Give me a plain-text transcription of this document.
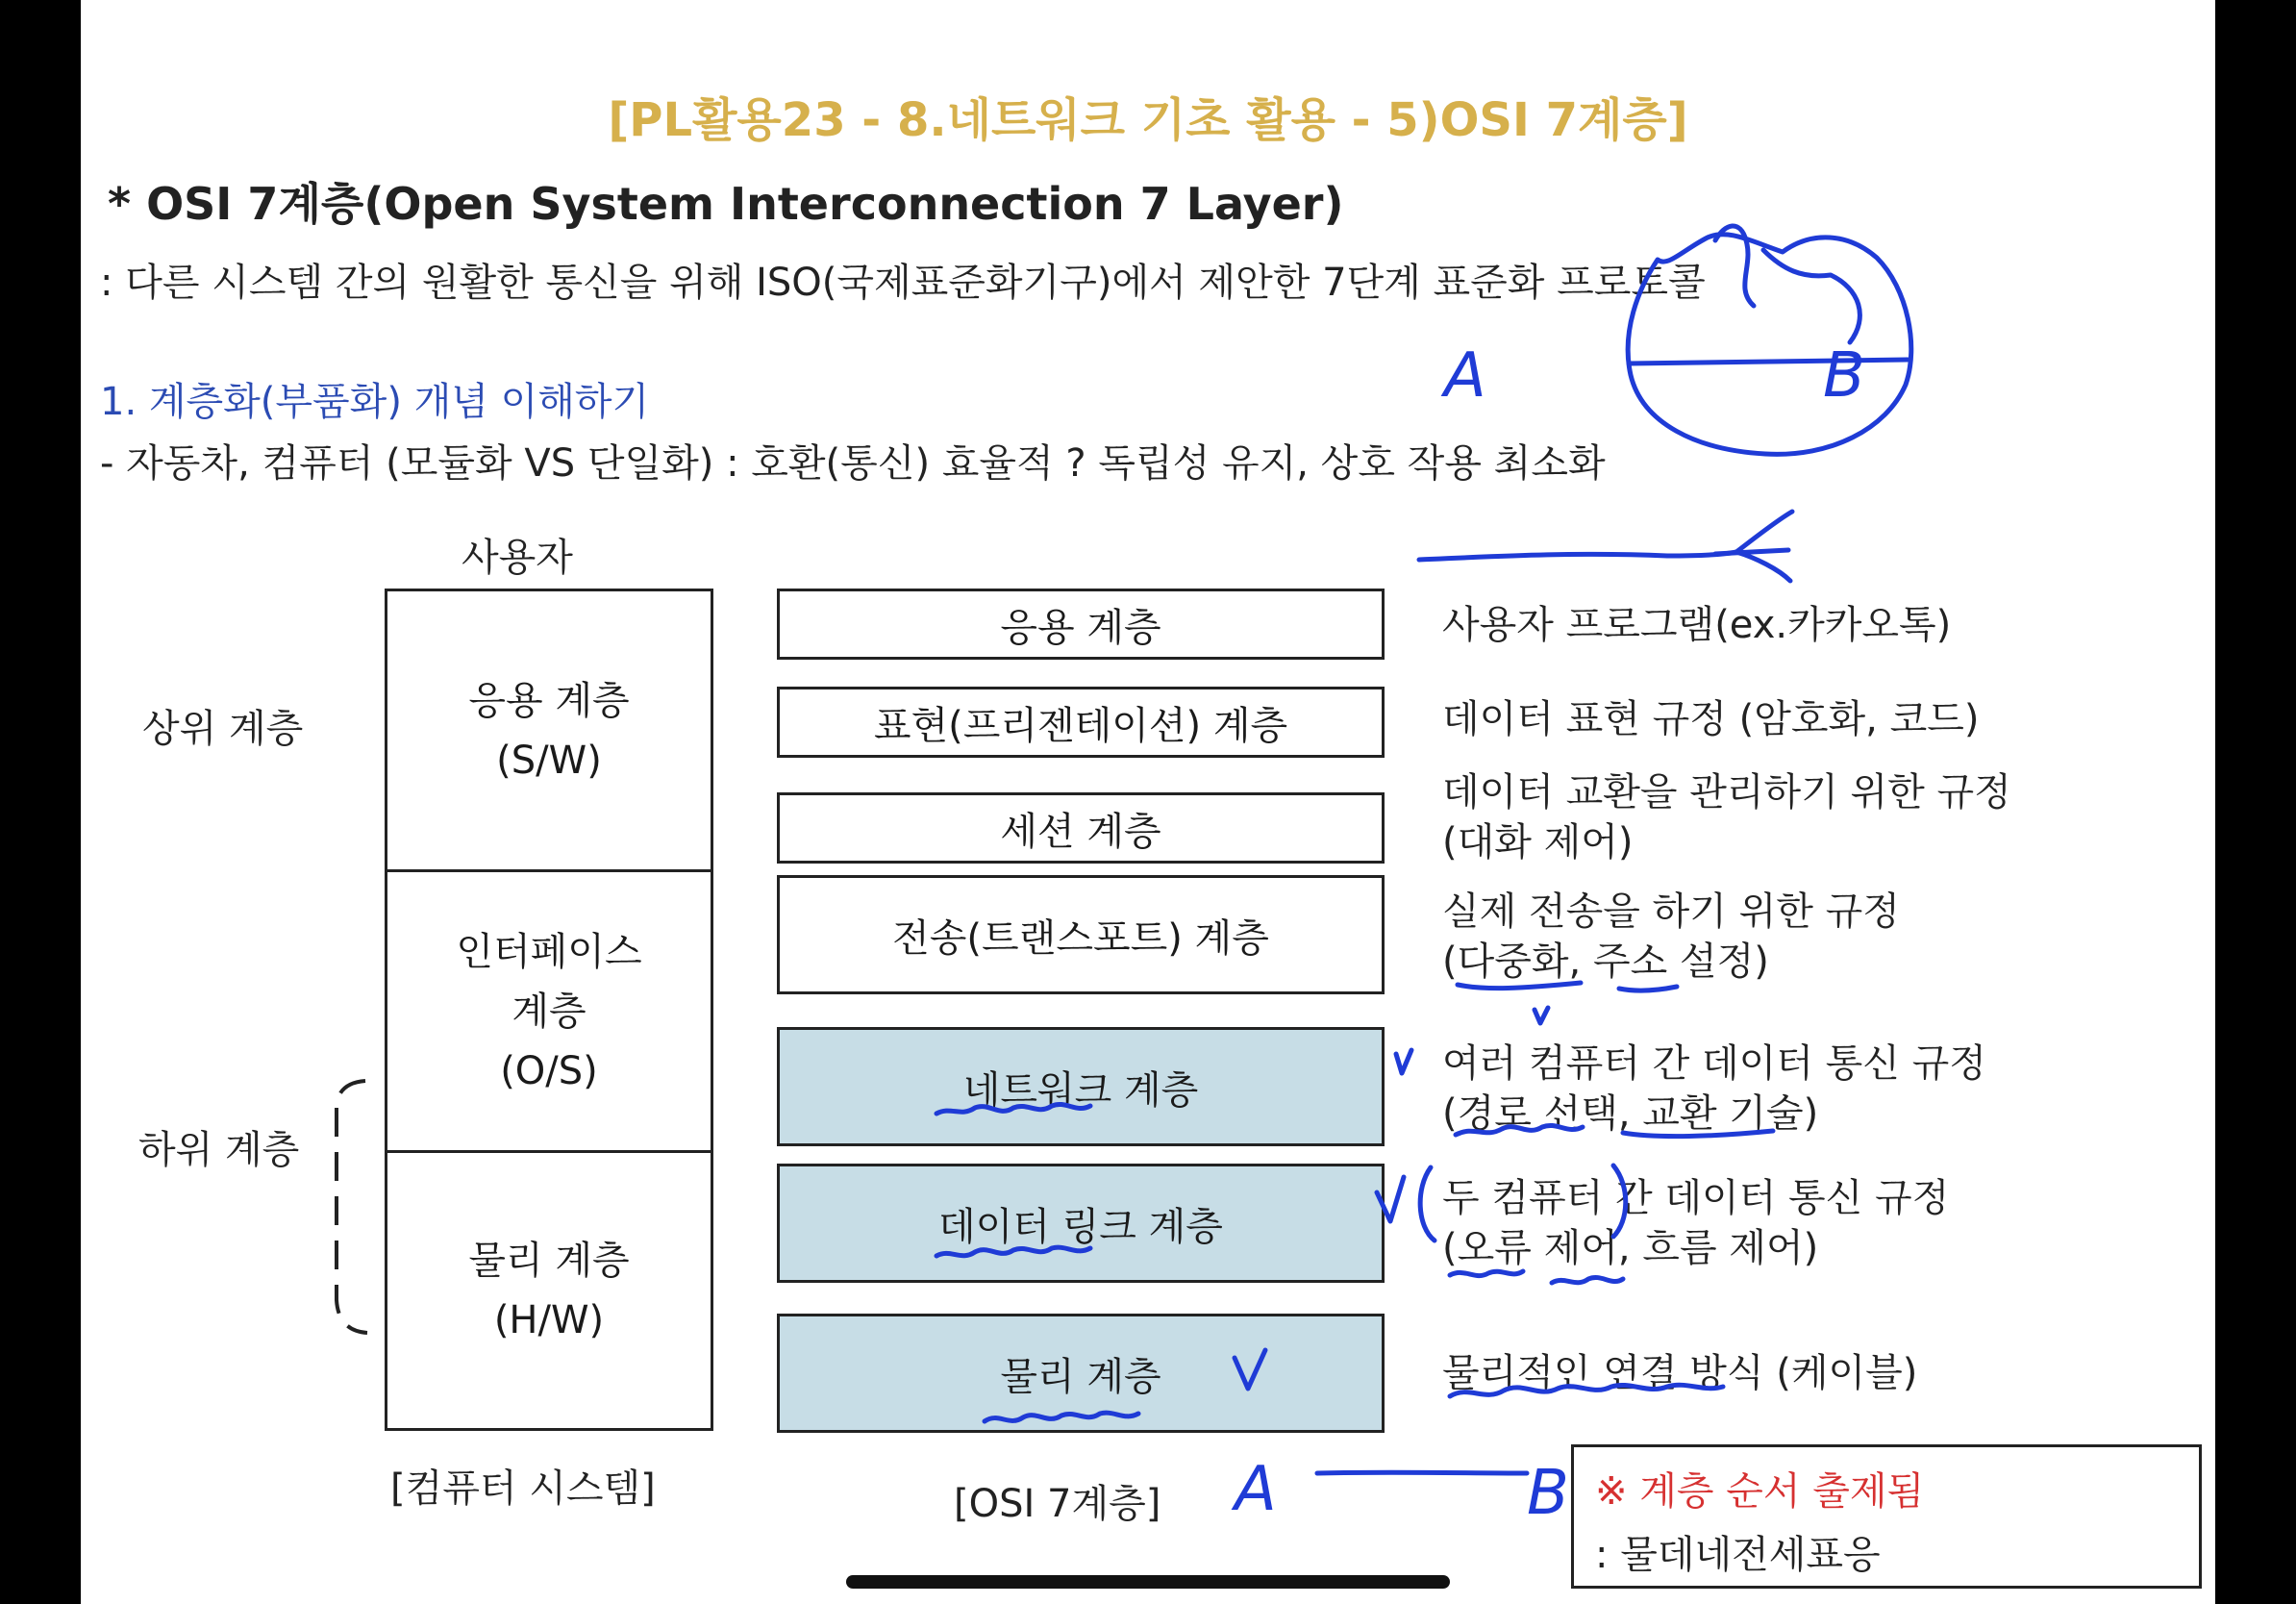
[PL활용23 - 8.네트워크 기초 활용 - 5)OSI 7계층]
* OSI 7계층(Open System Interconnection 7 Layer)
: 다른 시스템 간의 원활한 통신을 위해 ISO(국제표준화기구)에서 제안한 7단계 표준화 프로토콜
1. 계층화(부품화) 개념 이해하기
- 자동차, 컴퓨터 (모듈화 VS 단일화) : 호환(통신) 효율적 ? 독립성 유지, 상호 작용 최소화
사용자
상위 계층
하위 계층
응용 계층
(S/W)
인터페이스
계층
(O/S)
물리 계층
(H/W)
[컴퓨터 시스템]
응용 계층
표현(프리젠테이션) 계층
세션 계층
전송(트랜스포트) 계층
네트워크 계층
데이터 링크 계층
물리 계층
[OSI 7계층]
사용자 프로그램(ex.카카오톡)
데이터 표현 규정 (암호화, 코드)
데이터 교환을 관리하기 위한 규정
(대화 제어)
실제 전송을 하기 위한 규정
(다중화, 주소 설정)
여러 컴퓨터 간 데이터 통신 규정
(경로 선택, 교환 기술)
두 컴퓨터 간 데이터 통신 규정
(오류 제어, 흐름 제어)
물리적인 연결 방식 (케이블)
※ 계층 순서 출제됨
: 물데네전세표응
A	B
A	B
